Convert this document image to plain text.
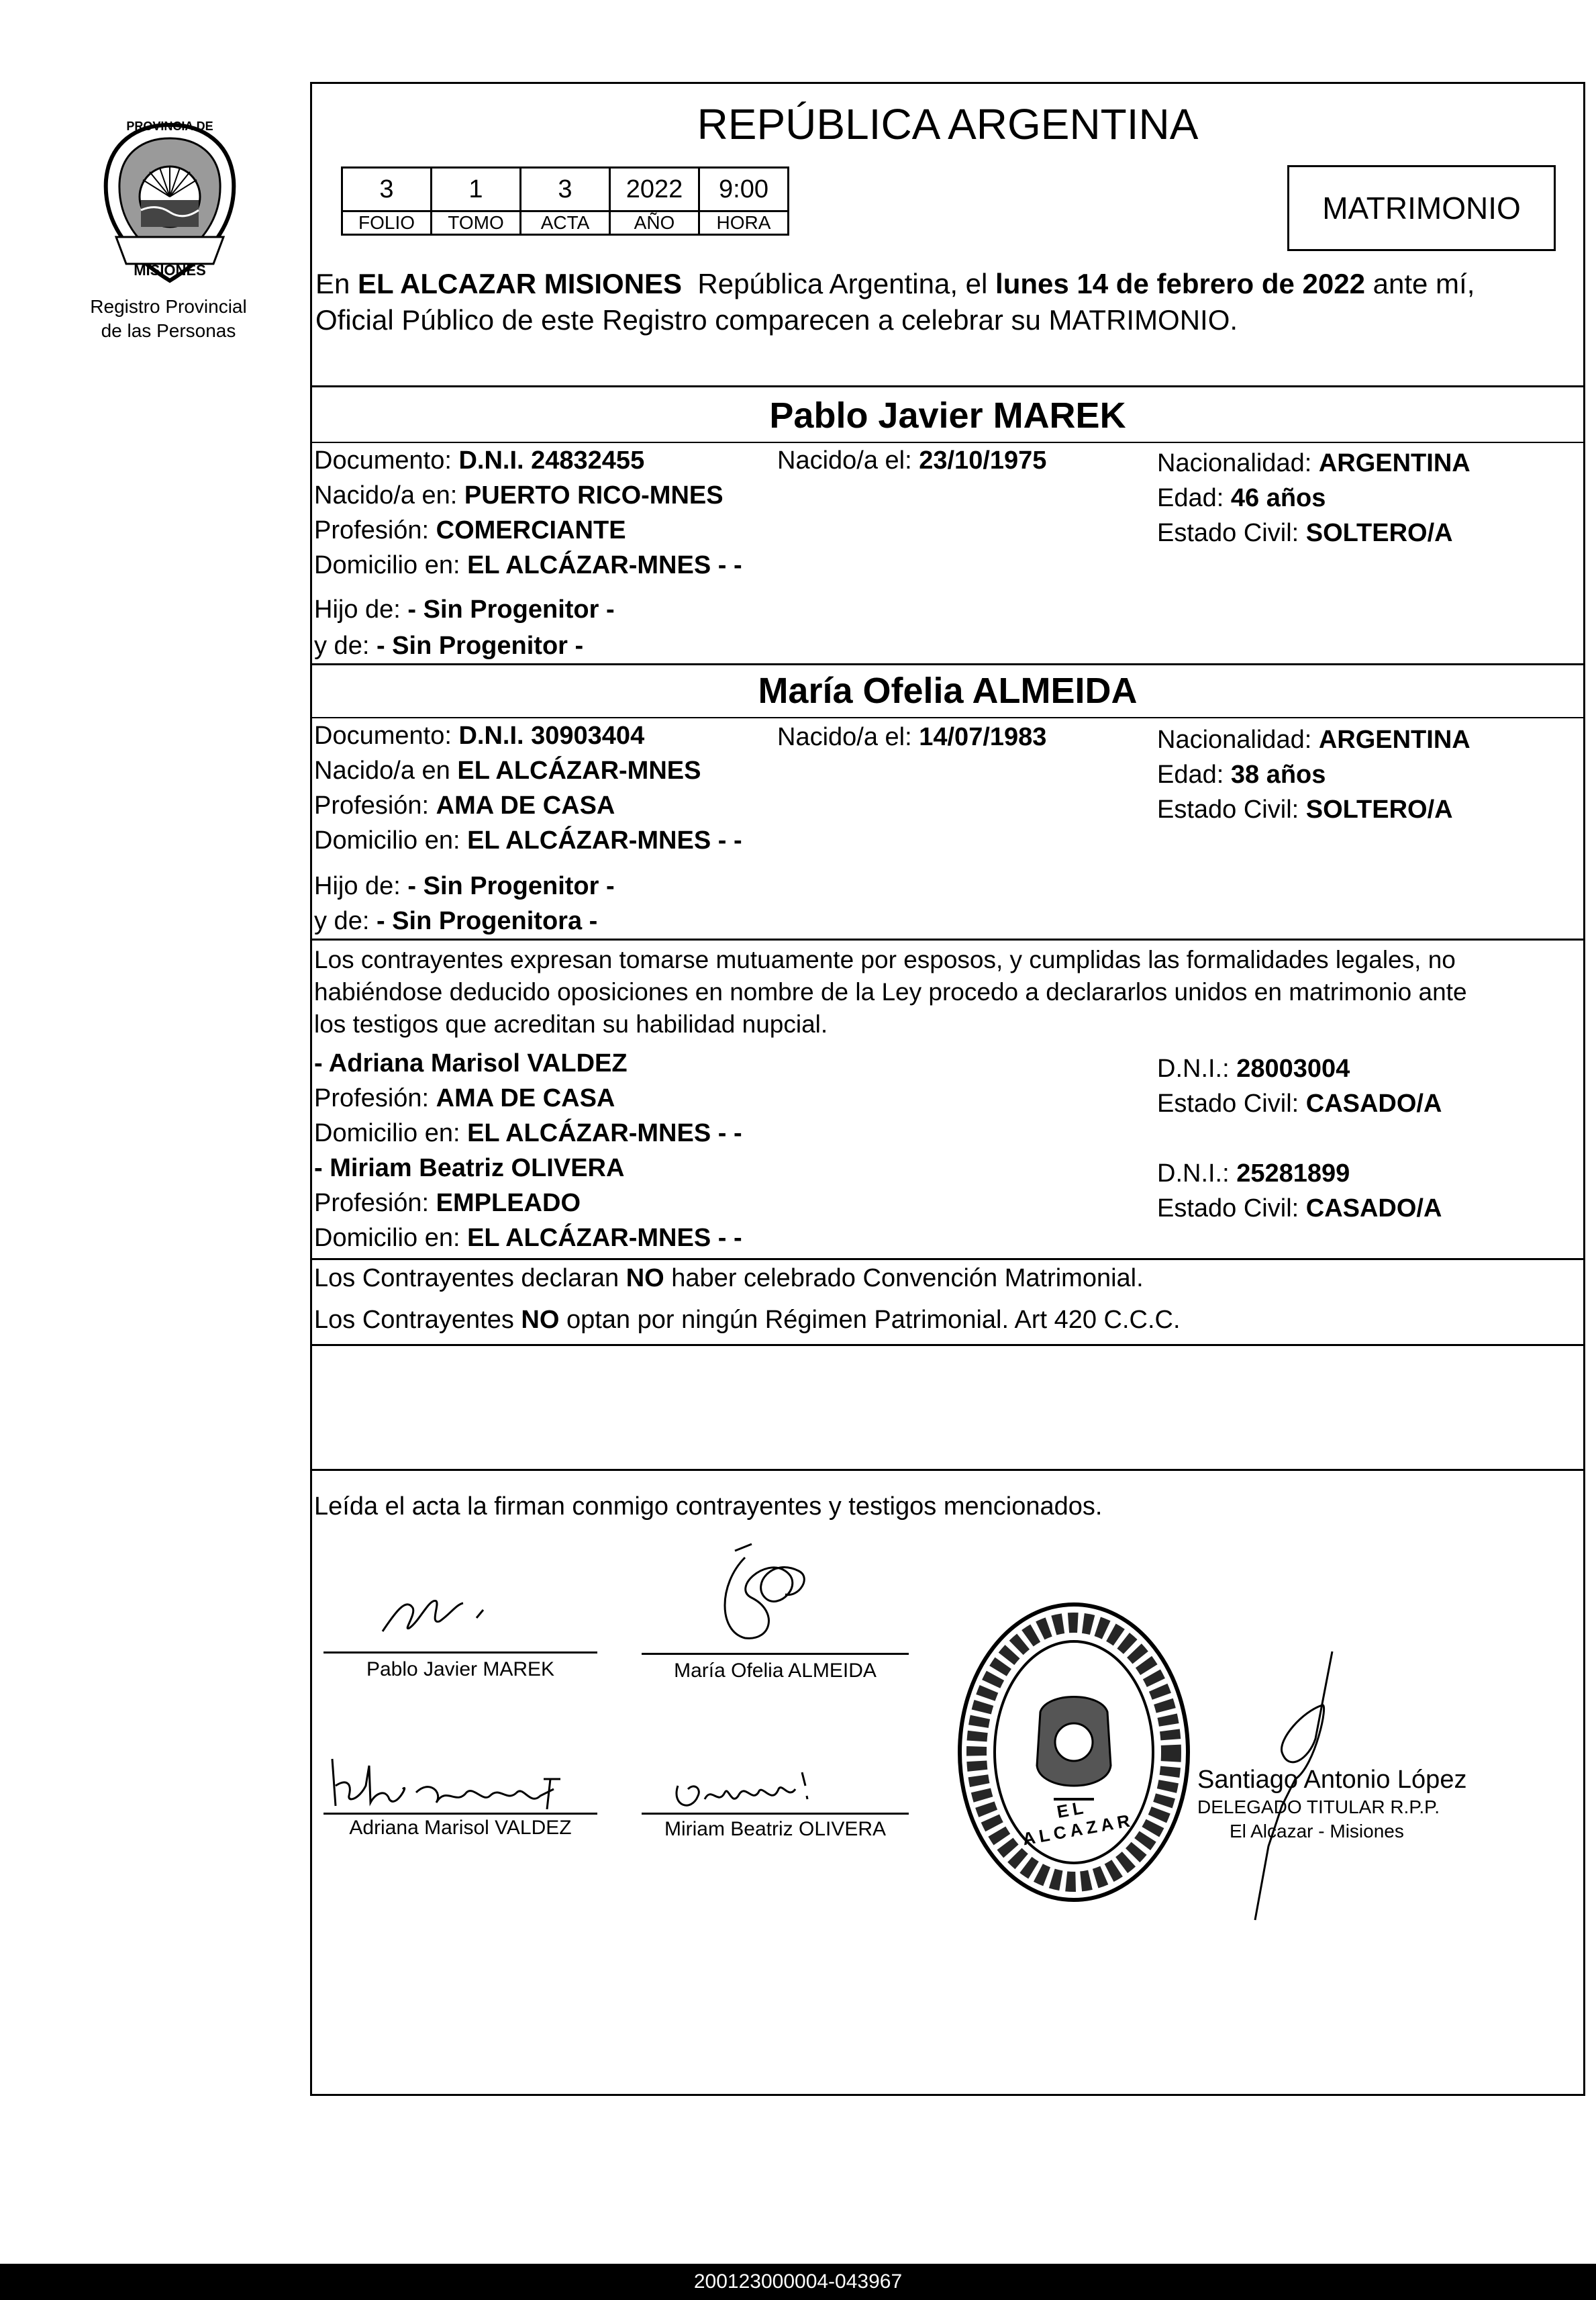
PROVINCIA DE
MISIONES
Registro Provincial
de las Personas
REPÚBLICA ARGENTINA
3	1	3	2022	9:00
FOLIO	TOMO	ACTA	AÑO	HORA	MATRIMONIO
En EL ALCAZAR MISIONES  República Argentina, el lunes 14 de febrero de 2022 ante mí,
Oficial Público de este Registro comparecen a celebrar su MATRIMONIO.
Pablo Javier MAREK
Documento: D.N.I. 24832455	Nacido/a el: 23/10/1975	Nacionalidad: ARGENTINA
Nacido/a en: PUERTO RICO-MNES	Edad: 46 años
Profesión: COMERCIANTE	Estado Civil: SOLTERO/A
Domicilio en: EL ALCÁZAR-MNES - -
Hijo de: - Sin Progenitor -
y de: - Sin Progenitor -
María Ofelia ALMEIDA
Documento: D.N.I. 30903404	Nacido/a el: 14/07/1983	Nacionalidad: ARGENTINA
Nacido/a en EL ALCÁZAR-MNES	Edad: 38 años
Profesión: AMA DE CASA	Estado Civil: SOLTERO/A
Domicilio en: EL ALCÁZAR-MNES - -
Hijo de: - Sin Progenitor -
y de: - Sin Progenitora -
Los contrayentes expresan tomarse mutuamente por esposos, y cumplidas las formalidades legales, no
habiéndose deducido oposiciones en nombre de la Ley procedo a declararlos unidos en matrimonio ante
los testigos que acreditan su habilidad nupcial.
- Adriana Marisol VALDEZ	D.N.I.: 28003004
Profesión: AMA DE CASA	Estado Civil: CASADO/A
Domicilio en: EL ALCÁZAR-MNES - -
- Miriam Beatriz OLIVERA	D.N.I.: 25281899
Profesión: EMPLEADO	Estado Civil: CASADO/A
Domicilio en: EL ALCÁZAR-MNES - -
Los Contrayentes declaran NO haber celebrado Convención Matrimonial.
Los Contrayentes NO optan por ningún Régimen Patrimonial. Art 420 C.C.C.
Leída el acta la firman conmigo contrayentes y testigos mencionados.
Pablo Javier MAREK	María Ofelia ALMEIDA
Adriana Marisol VALDEZ	Miriam Beatriz OLIVERA
EL ALCAZAR
Santiago Antonio López
DELEGADO TITULAR R.P.P.
El Alcazar - Misiones
200123000004-043967
